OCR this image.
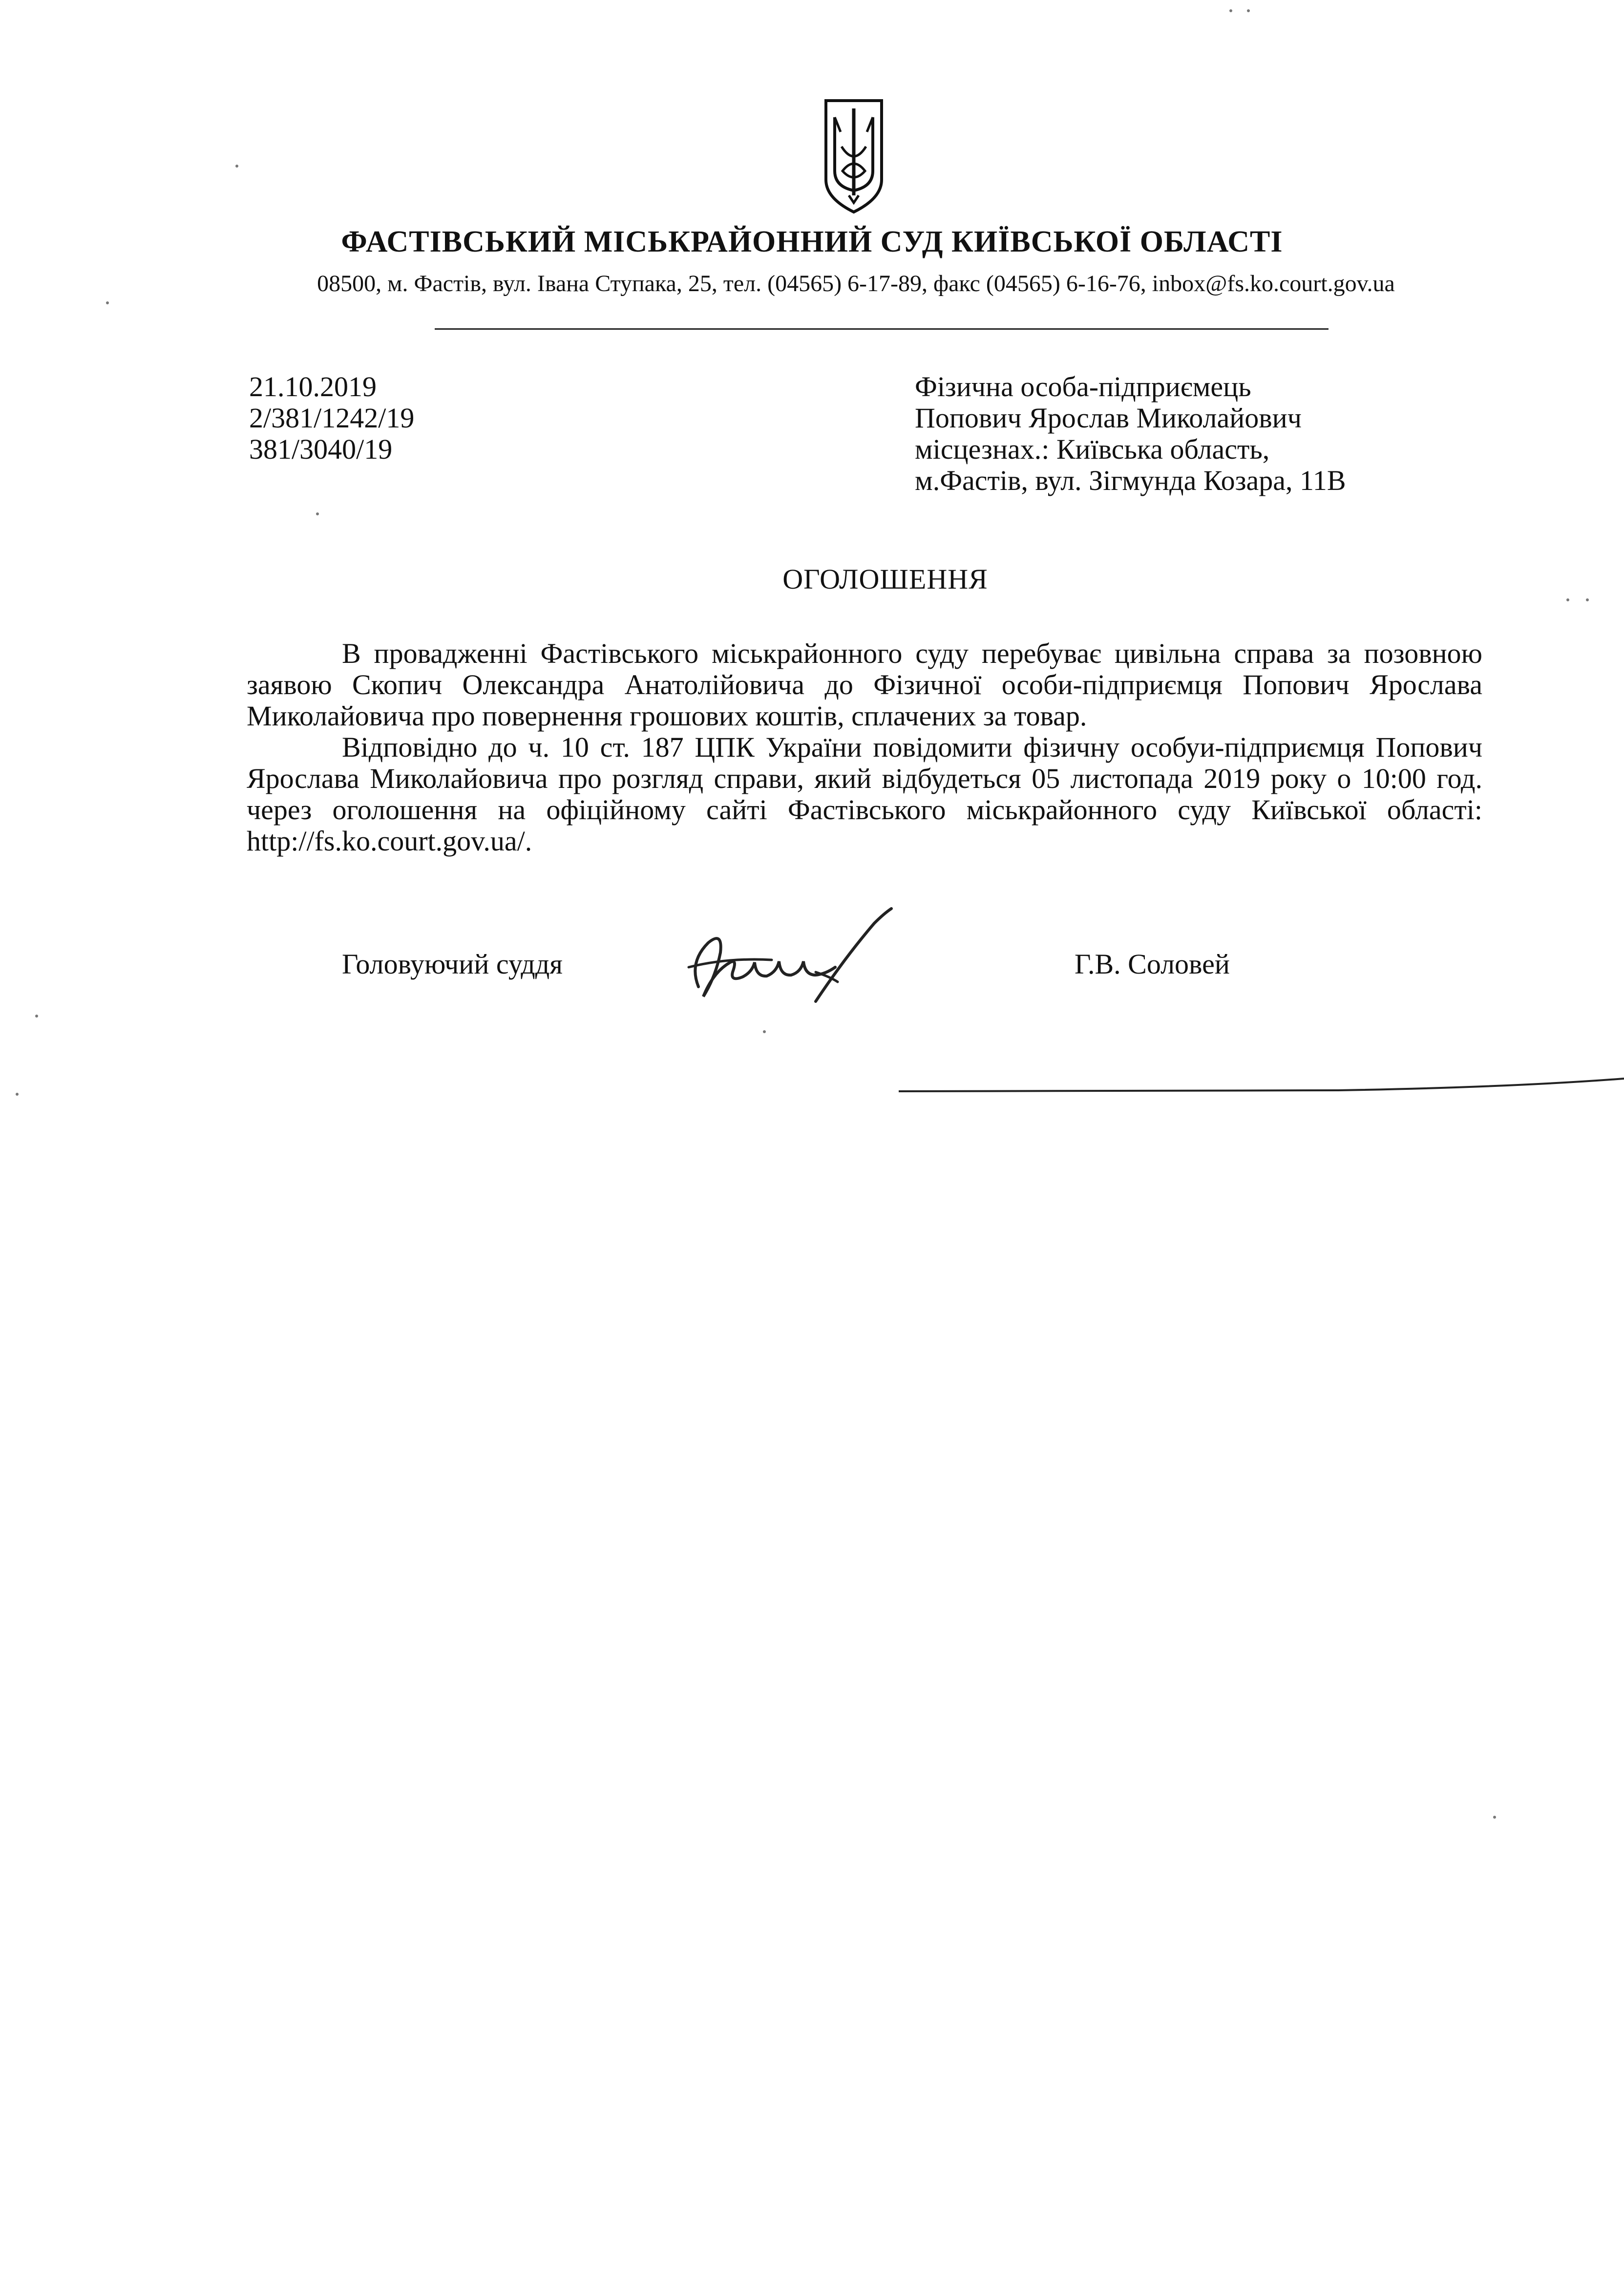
ФАСТІВСЬКИЙ МІСЬКРАЙОННИЙ СУД КИЇВСЬКОЇ ОБЛАСТІ
08500, м. Фастів, вул. Івана Ступака, 25, тел. (04565) 6-17-89, факс (04565) 6-16-76, inbox@fs.ko.court.gov.ua
21.10.2019
2/381/1242/19
381/3040/19
Фізична особа-підприємець
Попович Ярослав Миколайович
місцезнах.: Київська область,
м.Фастів, вул. Зігмунда Козара, 11В
ОГОЛОШЕННЯ

В провадженні Фастівського міськрайонного суду перебуває цивільна справа за позовною заявою Скопич Олександра Анатолійовича до Фізичної особи-підприємця Попович Ярослава Миколайовича про повернення грошових коштів, сплачених за товар.

Відповідно до ч. 10 ст. 187 ЦПК України повідомити фізичну особуи-підприємця Попович Ярослава Миколайовича про розгляд справи, який відбудеться 05 листопада 2019 року о 10:00 год. через оголошення на офіційному сайті Фастівського міськрайонного суду Київської області: http://fs.ko.court.gov.ua/.

Головуючий суддя	Г.В. Соловей
